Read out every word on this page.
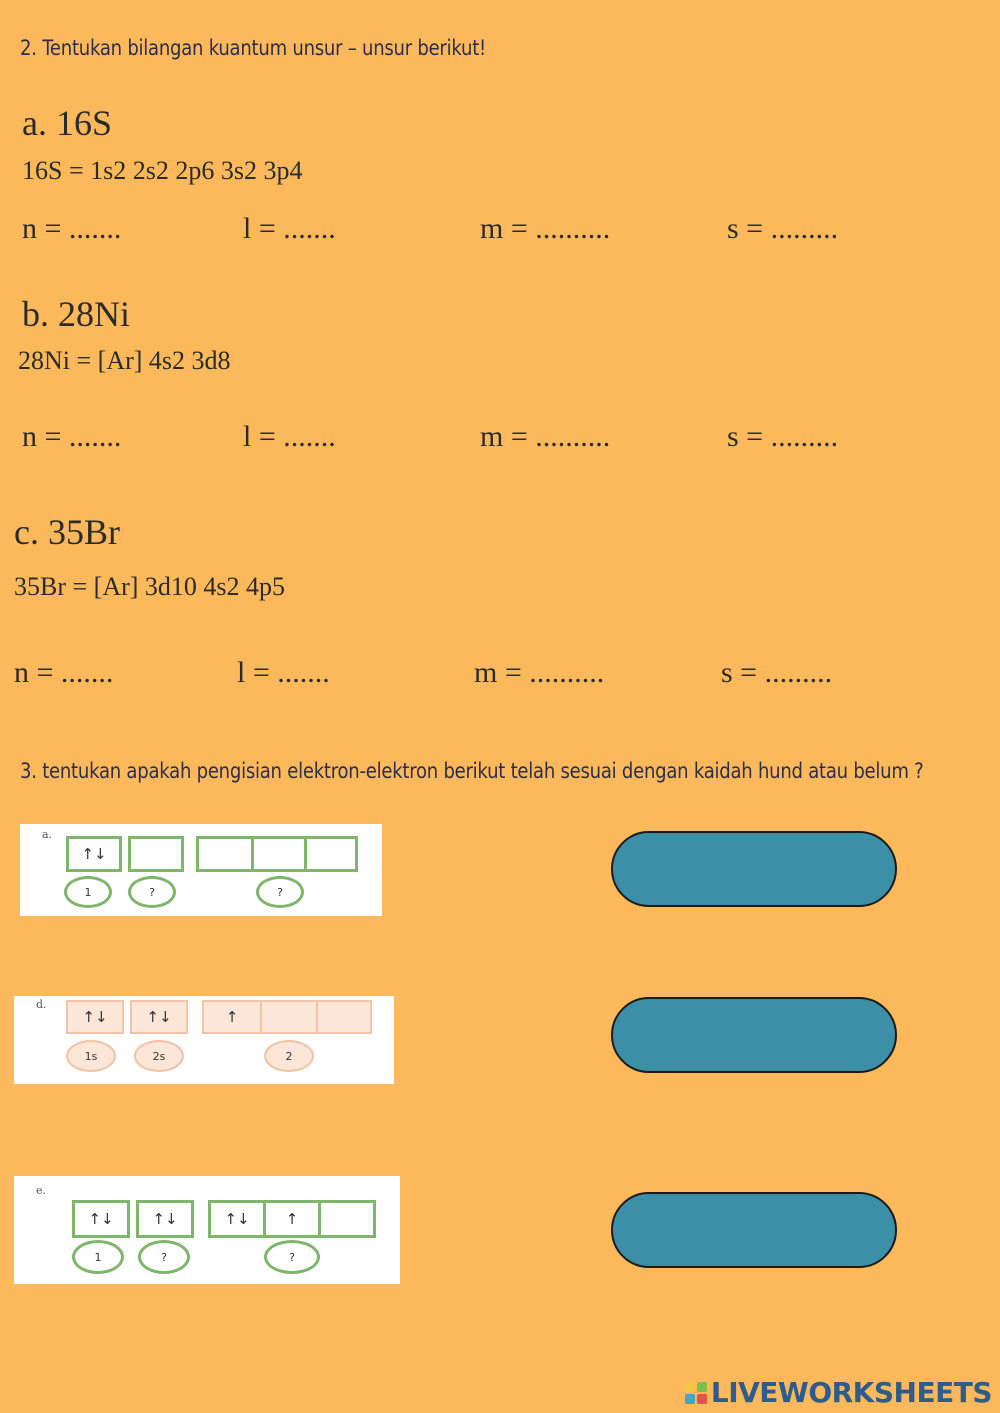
2. Tentukan bilangan kuantum unsur – unsur berikut!
a. 16S
16S = 1s2 2s2 2p6 3s2 3p4
n = .......	l = .......	m = ..........	s = .........
b. 28Ni
28Ni = [Ar] 4s2 3d8
n = .......	l = .......	m = ..........	s = .........
c. 35Br
35Br = [Ar] 3d10 4s2 4p5
n = .......	l = .......	m = ..........	s = .........
3. tentukan apakah pengisian elektron-elektron berikut telah sesuai dengan kaidah hund atau belum ?
a.
↑↓
1	?	?
d.
↑↓	↑↓	↑
1s	2s	2
e.
↑↓	↑↓	↑↓	↑
1	?	?
LIVEWORKSHEETS
